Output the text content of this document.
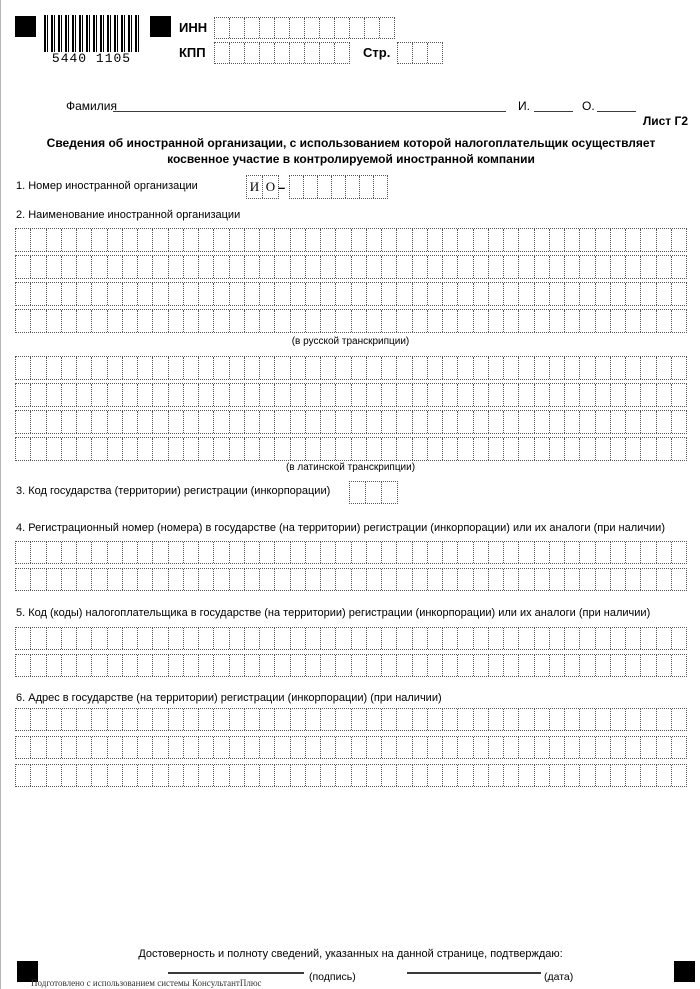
5440 1105
ИНН
КПП	Стр.
Фамилия	И.	О.
Лист Г2
Сведения об иностранной организации, с использованием которой налогоплательщик осуществляет
косвенное участие в контролируемой иностранной компании
1. Номер иностранной организации	И О –
2. Наименование иностранной организации
(в русской транскрипции)
(в латинской транскрипции)
3. Код государства (территории) регистрации (инкорпорации)
4. Регистрационный номер (номера) в государстве (на территории) регистрации (инкорпорации) или их аналоги (при наличии)
5. Код (коды) налогоплательщика в государстве (на территории) регистрации (инкорпорации) или их аналоги (при наличии)
6. Адрес в государстве (на территории) регистрации (инкорпорации) (при наличии)
Достоверность и полноту сведений, указанных на данной странице, подтверждаю:
(подпись)	(дата)
Подготовлено с использованием системы КонсультантПлюс
